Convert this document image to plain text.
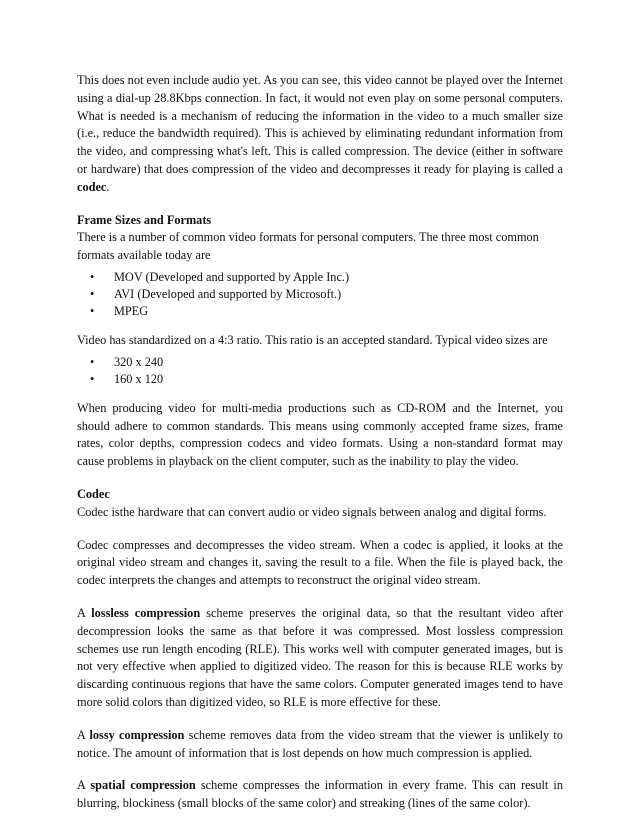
This does not even include audio yet. As you can see, this video cannot be played over the Internet using a dial-up 28.8Kbps connection. In fact, it would not even play on some personal computers. What is needed is a mechanism of reducing the information in the video to a much smaller size (i.e., reduce the bandwidth required). This is achieved by eliminating redundant information from the video, and compressing what's left. This is called compression. The device (either in software or hardware) that does compression of the video and decompresses it ready for playing is called a codec.

Frame Sizes and Formats

There is a number of common video formats for personal computers. The three most common formats available today are

• MOV (Developed and supported by Apple Inc.)
• AVI (Developed and supported by Microsoft.)
• MPEG

Video has standardized on a 4:3 ratio. This ratio is an accepted standard. Typical video sizes are

• 320 x 240
• 160 x 120

When producing video for multi-media productions such as CD-ROM and the Internet, you should adhere to common standards. This means using commonly accepted frame sizes, frame rates, color depths, compression codecs and video formats. Using a non-standard format may cause problems in playback on the client computer, such as the inability to play the video.

Codec

Codec isthe hardware that can convert audio or video signals between analog and digital forms.

Codec compresses and decompresses the video stream. When a codec is applied, it looks at the original video stream and changes it, saving the result to a file. When the file is played back, the codec interprets the changes and attempts to reconstruct the original video stream.

A lossless compression scheme preserves the original data, so that the resultant video after decompression looks the same as that before it was compressed. Most lossless compression schemes use run length encoding (RLE). This works well with computer generated images, but is not very effective when applied to digitized video. The reason for this is because RLE works by discarding continuous regions that have the same colors. Computer generated images tend to have more solid colors than digitized video, so RLE is more effective for these.

A lossy compression scheme removes data from the video stream that the viewer is unlikely to notice. The amount of information that is lost depends on how much compression is applied.

A spatial compression scheme compresses the information in every frame. This can result in blurring, blockiness (small blocks of the same color) and streaking (lines of the same color).
